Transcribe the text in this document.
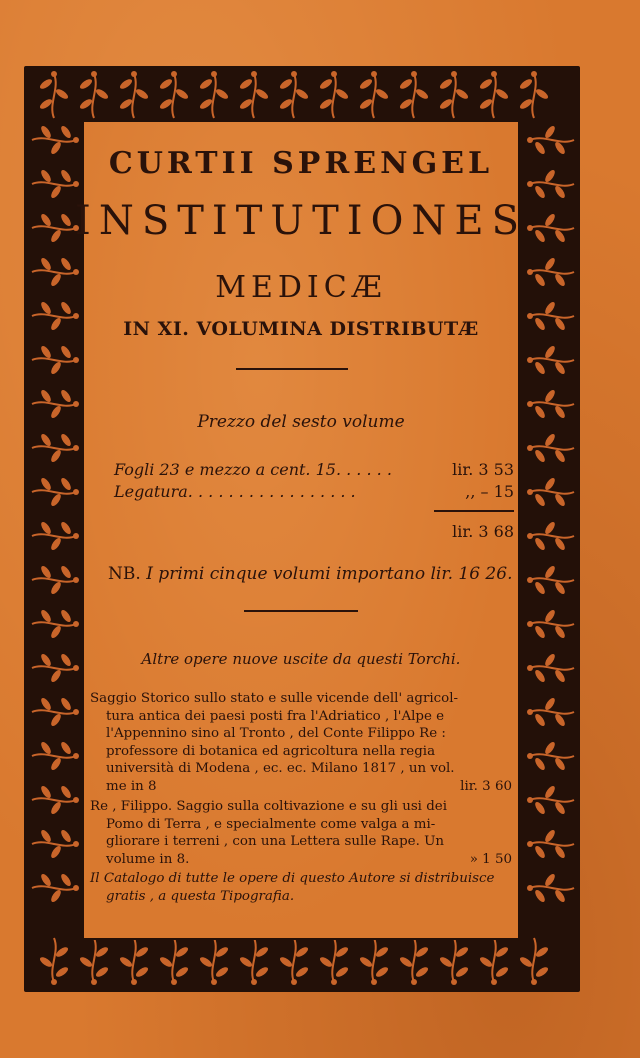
CURTII SPRENGEL
INSTITUTIONES
MEDICÆ
IN XI. VOLUMINA DISTRIBUTÆ
Prezzo del sesto volume
Fogli 23 e mezzo a cent. 15. . . . . .	lir. 3 53
Legatura. . . . . . . . . . . . . . . . .	,, – 15
lir. 3 68
NB. I primi cinque volumi importano lir. 16 26.
Altre opere nuove uscite da questi Torchi.
Saggio Storico sullo stato e sulle vicende dell' agricol-
tura antica dei paesi posti fra l'Adriatico , l'Alpe e
l'Appennino sino al Tronto , del Conte Filippo Re :
professore di botanica ed agricoltura nella regia
università di Modena , ec. ec. Milano 1817 , un vol.
me in 8	lir. 3 60
Re , Filippo. Saggio sulla coltivazione e su gli usi dei
Pomo di Terra , e specialmente come valga a mi-
gliorare i terreni , con una Lettera sulle Rape. Un
volume in 8.	» 1 50
Il Catalogo di tutte le opere di questo Autore si distribuisce
gratis , a questa Tipografia.
